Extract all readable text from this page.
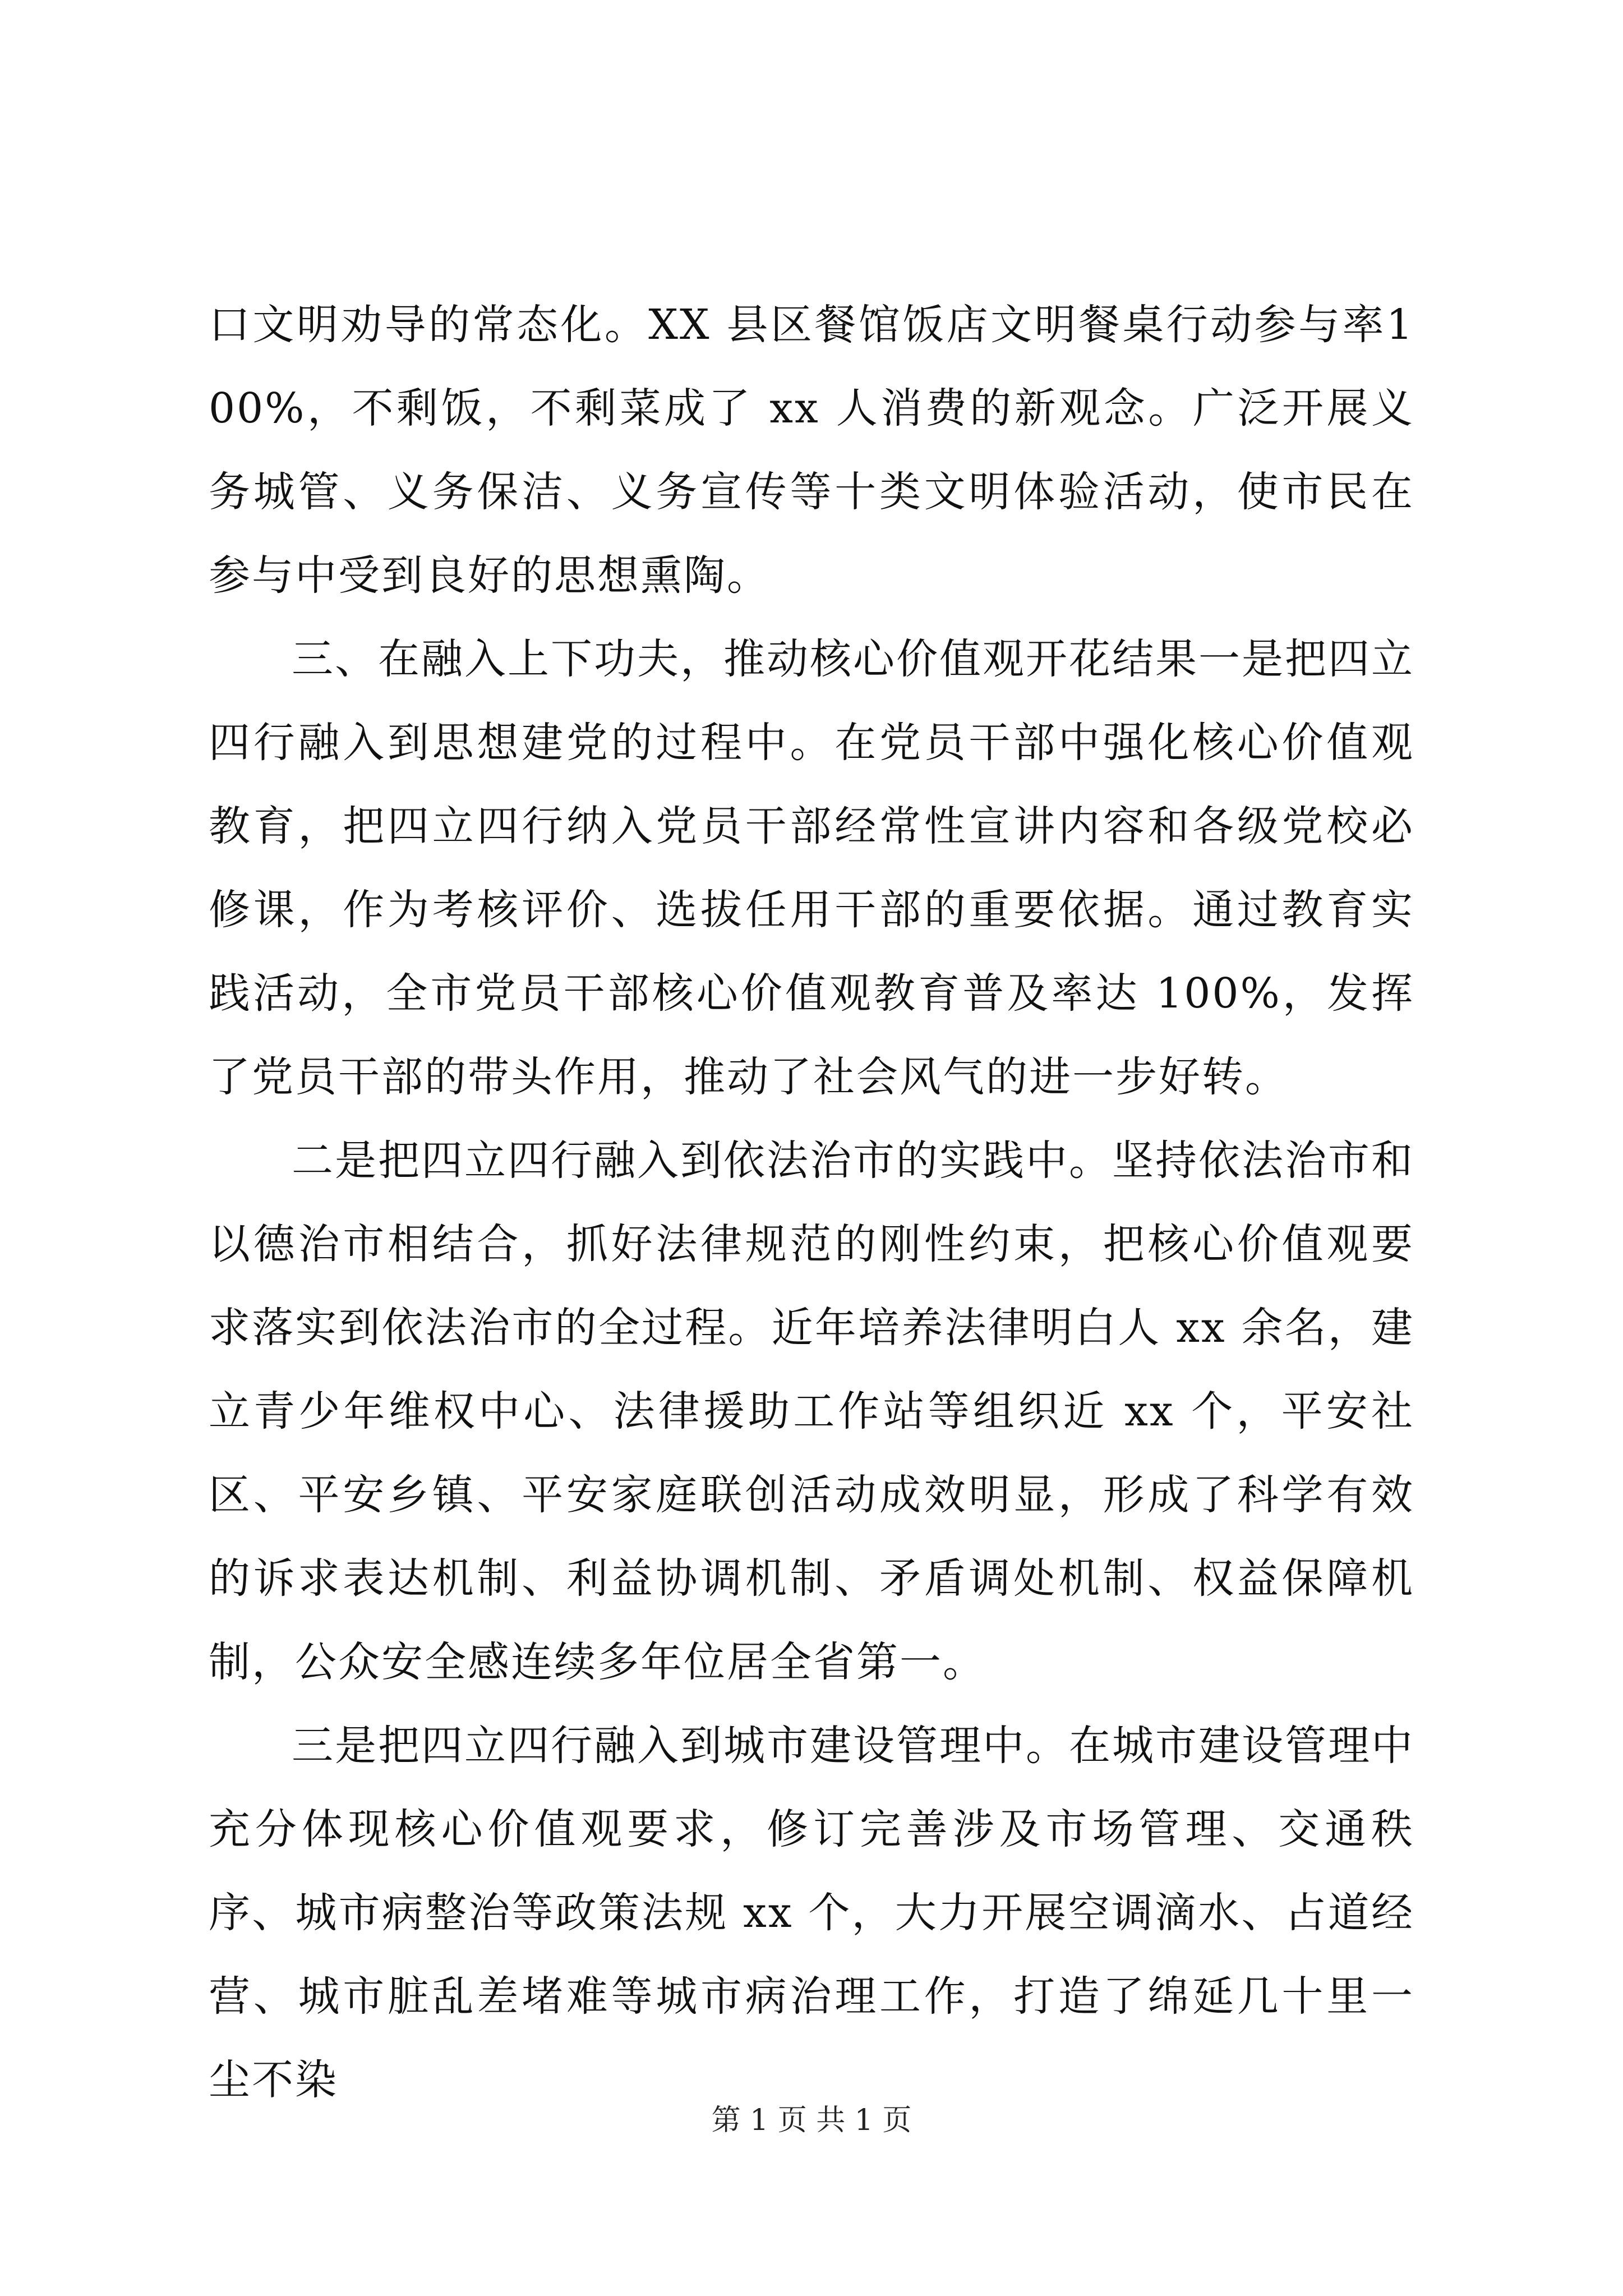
口文明劝导的常态化。XX 县区餐馆饭店文明餐桌行动参与率100%，不剩饭，不剩菜成了 xx 人消费的新观念。广泛开展义务城管、义务保洁、义务宣传等十类文明体验活动，使市民在参与中受到良好的思想熏陶。

三、在融入上下功夫，推动核心价值观开花结果一是把四立四行融入到思想建党的过程中。在党员干部中强化核心价值观教育，把四立四行纳入党员干部经常性宣讲内容和各级党校必修课，作为考核评价、选拔任用干部的重要依据。通过教育实践活动，全市党员干部核心价值观教育普及率达 100%，发挥了党员干部的带头作用，推动了社会风气的进一步好转。

二是把四立四行融入到依法治市的实践中。坚持依法治市和以德治市相结合，抓好法律规范的刚性约束，把核心价值观要求落实到依法治市的全过程。近年培养法律明白人 xx 余名，建立青少年维权中心、法律援助工作站等组织近 xx 个，平安社区、平安乡镇、平安家庭联创活动成效明显，形成了科学有效的诉求表达机制、利益协调机制、矛盾调处机制、权益保障机制，公众安全感连续多年位居全省第一。

三是把四立四行融入到城市建设管理中。在城市建设管理中充分体现核心价值观要求，修订完善涉及市场管理、交通秩序、城市病整治等政策法规 xx 个，大力开展空调滴水、占道经营、城市脏乱差堵难等城市病治理工作，打造了绵延几十里一尘不染

第 1 页 共 1 页
